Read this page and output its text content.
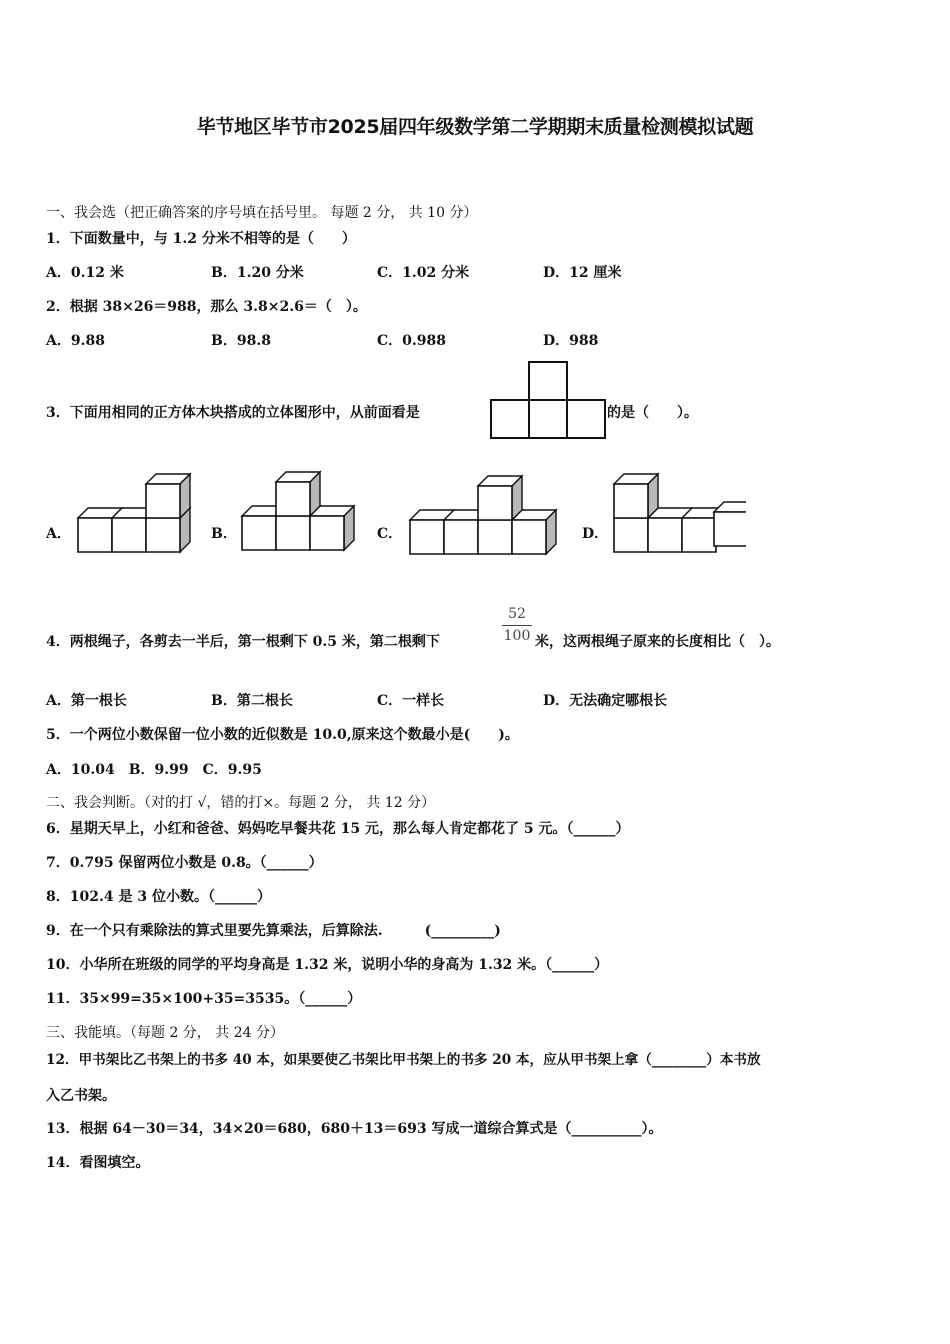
毕节地区毕节市2025届四年级数学第二学期期末质量检测模拟试题
一、我会选（把正确答案的序号填在括号里。 每题 2 分， 共 10 分）
1．下面数量中，与 1.2 分米不相等的是（　　）
A．0.12 米	B．1.20 分米	C．1.02 分米	D．12 厘米
2．根据 38×26＝988，那么 3.8×2.6＝（　）。
A．9.88	B．98.8	C．0.988	D．988
3．下面用相同的正方体木块搭成的立体图形中，从前面看是	的是（　　）。
A．	B．	C．	D．
4．两根绳子，各剪去一半后，第一根剩下 0.5 米，第二根剩下
52
100 米，这两根绳子原来的长度相比（　）。
A．第一根长	B．第二根长	C．一样长	D．无法确定哪根长
5．一个两位小数保留一位小数的近似数是 10.0,原来这个数最小是(　　)。
A．10.04　B．9.99　C．9.95
二、我会判断。（对的打 √，错的打×。每题 2 分， 共 12 分）
6．星期天早上，小红和爸爸、妈妈吃早餐共花 15 元，那么每人肯定都花了 5 元。（______）
7．0.795 保留两位小数是 0.8。（______）
8．102.4 是 3 位小数。（______）
9．在一个只有乘除法的算式里要先算乘法，后算除法.　　　(_________)
10．小华所在班级的同学的平均身高是 1.32 米，说明小华的身高为 1.32 米。（______）
11．35×99=35×100+35=3535。（______）
三、我能填。（每题 2 分， 共 24 分）
12．甲书架比乙书架上的书多 40 本，如果要使乙书架比甲书架上的书多 20 本，应从甲书架上拿（________）本书放
入乙书架。
13．根据 64－30＝34，34×20＝680，680＋13＝693 写成一道综合算式是（__________）。
14．看图填空。
